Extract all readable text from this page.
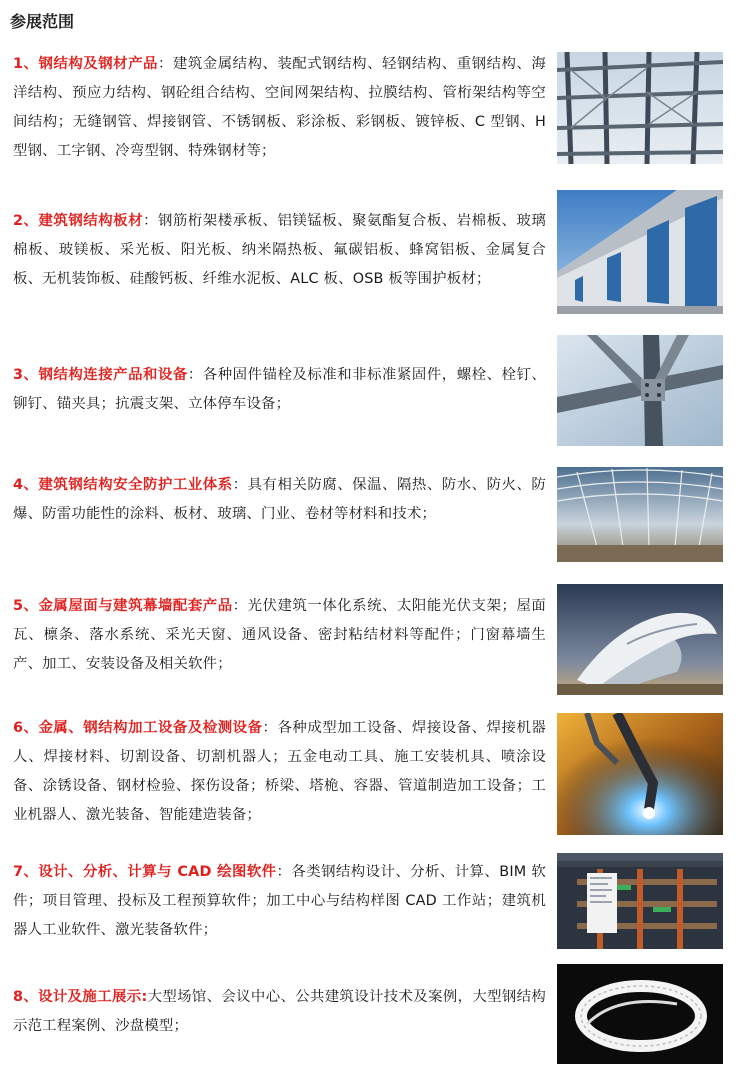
参展范围
1、钢结构及钢材产品：建筑金属结构、装配式钢结构、轻钢结构、重钢结构、海洋结构、预应力结构、钢砼组合结构、空间网架结构、拉膜结构、管桁架结构等空间结构；无缝钢管、焊接钢管、不锈钢板、彩涂板、彩钢板、镀锌板、C 型钢、H 型钢、工字钢、冷弯型钢、特殊钢材等；
2、建筑钢结构板材：钢筋桁架楼承板、铝镁锰板、聚氨酯复合板、岩棉板、玻璃棉板、玻镁板、采光板、阳光板、纳米隔热板、氟碳铝板、蜂窝铝板、金属复合板、无机装饰板、硅酸钙板、纤维水泥板、ALC 板、OSB 板等围护板材；
3、钢结构连接产品和设备：各种固件锚栓及标准和非标准紧固件，螺栓、栓钉、铆钉、锚夹具；抗震支架、立体停车设备；
4、建筑钢结构安全防护工业体系：具有相关防腐、保温、隔热、防水、防火、防爆、防雷功能性的涂料、板材、玻璃、门业、卷材等材料和技术；
5、金属屋面与建筑幕墙配套产品：光伏建筑一体化系统、太阳能光伏支架；屋面瓦、檩条、落水系统、采光天窗、通风设备、密封粘结材料等配件；门窗幕墙生产、加工、安装设备及相关软件；
6、金属、钢结构加工设备及检测设备：各种成型加工设备、焊接设备、焊接机器人、焊接材料、切割设备、切割机器人；五金电动工具、施工安装机具、喷涂设备、涂锈设备、钢材检验、探伤设备；桥梁、塔桅、容器、管道制造加工设备；工业机器人、激光装备、智能建造装备；
7、设计、分析、计算与 CAD 绘图软件：各类钢结构设计、分析、计算、BIM 软件；项目管理、投标及工程预算软件；加工中心与结构样图 CAD 工作站；建筑机器人工业软件、激光装备软件；
8、设计及施工展示:大型场馆、会议中心、公共建筑设计技术及案例，大型钢结构示范工程案例、沙盘模型；
